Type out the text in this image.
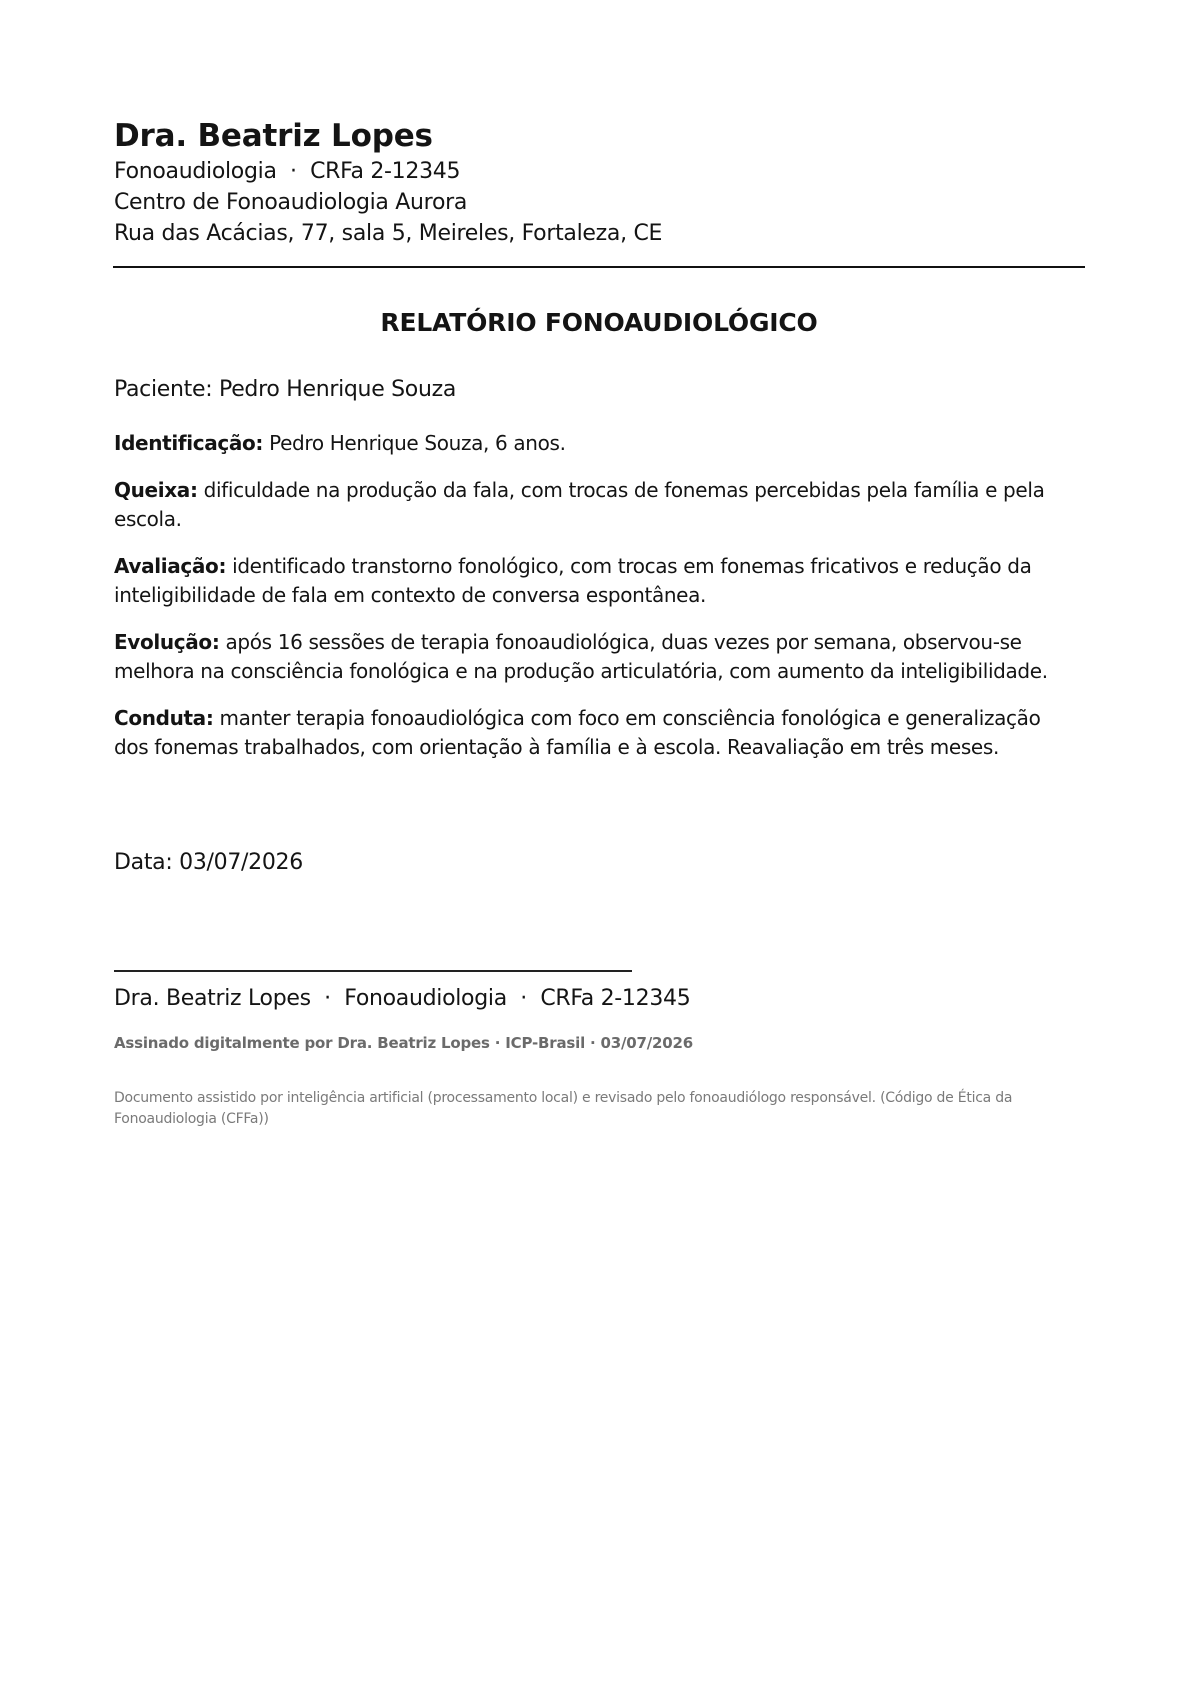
Dra. Beatriz Lopes

Fonoaudiologia  ·  CRFa 2-12345

Centro de Fonoaudiologia Aurora

Rua das Acácias, 77, sala 5, Meireles, Fortaleza, CE

RELATÓRIO FONOAUDIOLÓGICO

Paciente: Pedro Henrique Souza

Identificação: Pedro Henrique Souza, 6 anos.

Queixa: dificuldade na produção da fala, com trocas de fonemas percebidas pela família e pela escola.

Avaliação: identificado transtorno fonológico, com trocas em fonemas fricativos e redução da inteligibilidade de fala em contexto de conversa espontânea.

Evolução: após 16 sessões de terapia fonoaudiológica, duas vezes por semana, observou-se melhora na consciência fonológica e na produção articulatória, com aumento da inteligibilidade.

Conduta: manter terapia fonoaudiológica com foco em consciência fonológica e generalização dos fonemas trabalhados, com orientação à família e à escola. Reavaliação em três meses.

Data: 03/07/2026

Dra. Beatriz Lopes  ·  Fonoaudiologia  ·  CRFa 2-12345

Assinado digitalmente por Dra. Beatriz Lopes · ICP-Brasil · 03/07/2026

Documento assistido por inteligência artificial (processamento local) e revisado pelo fonoaudiólogo responsável. (Código de Ética da Fonoaudiologia (CFFa))
